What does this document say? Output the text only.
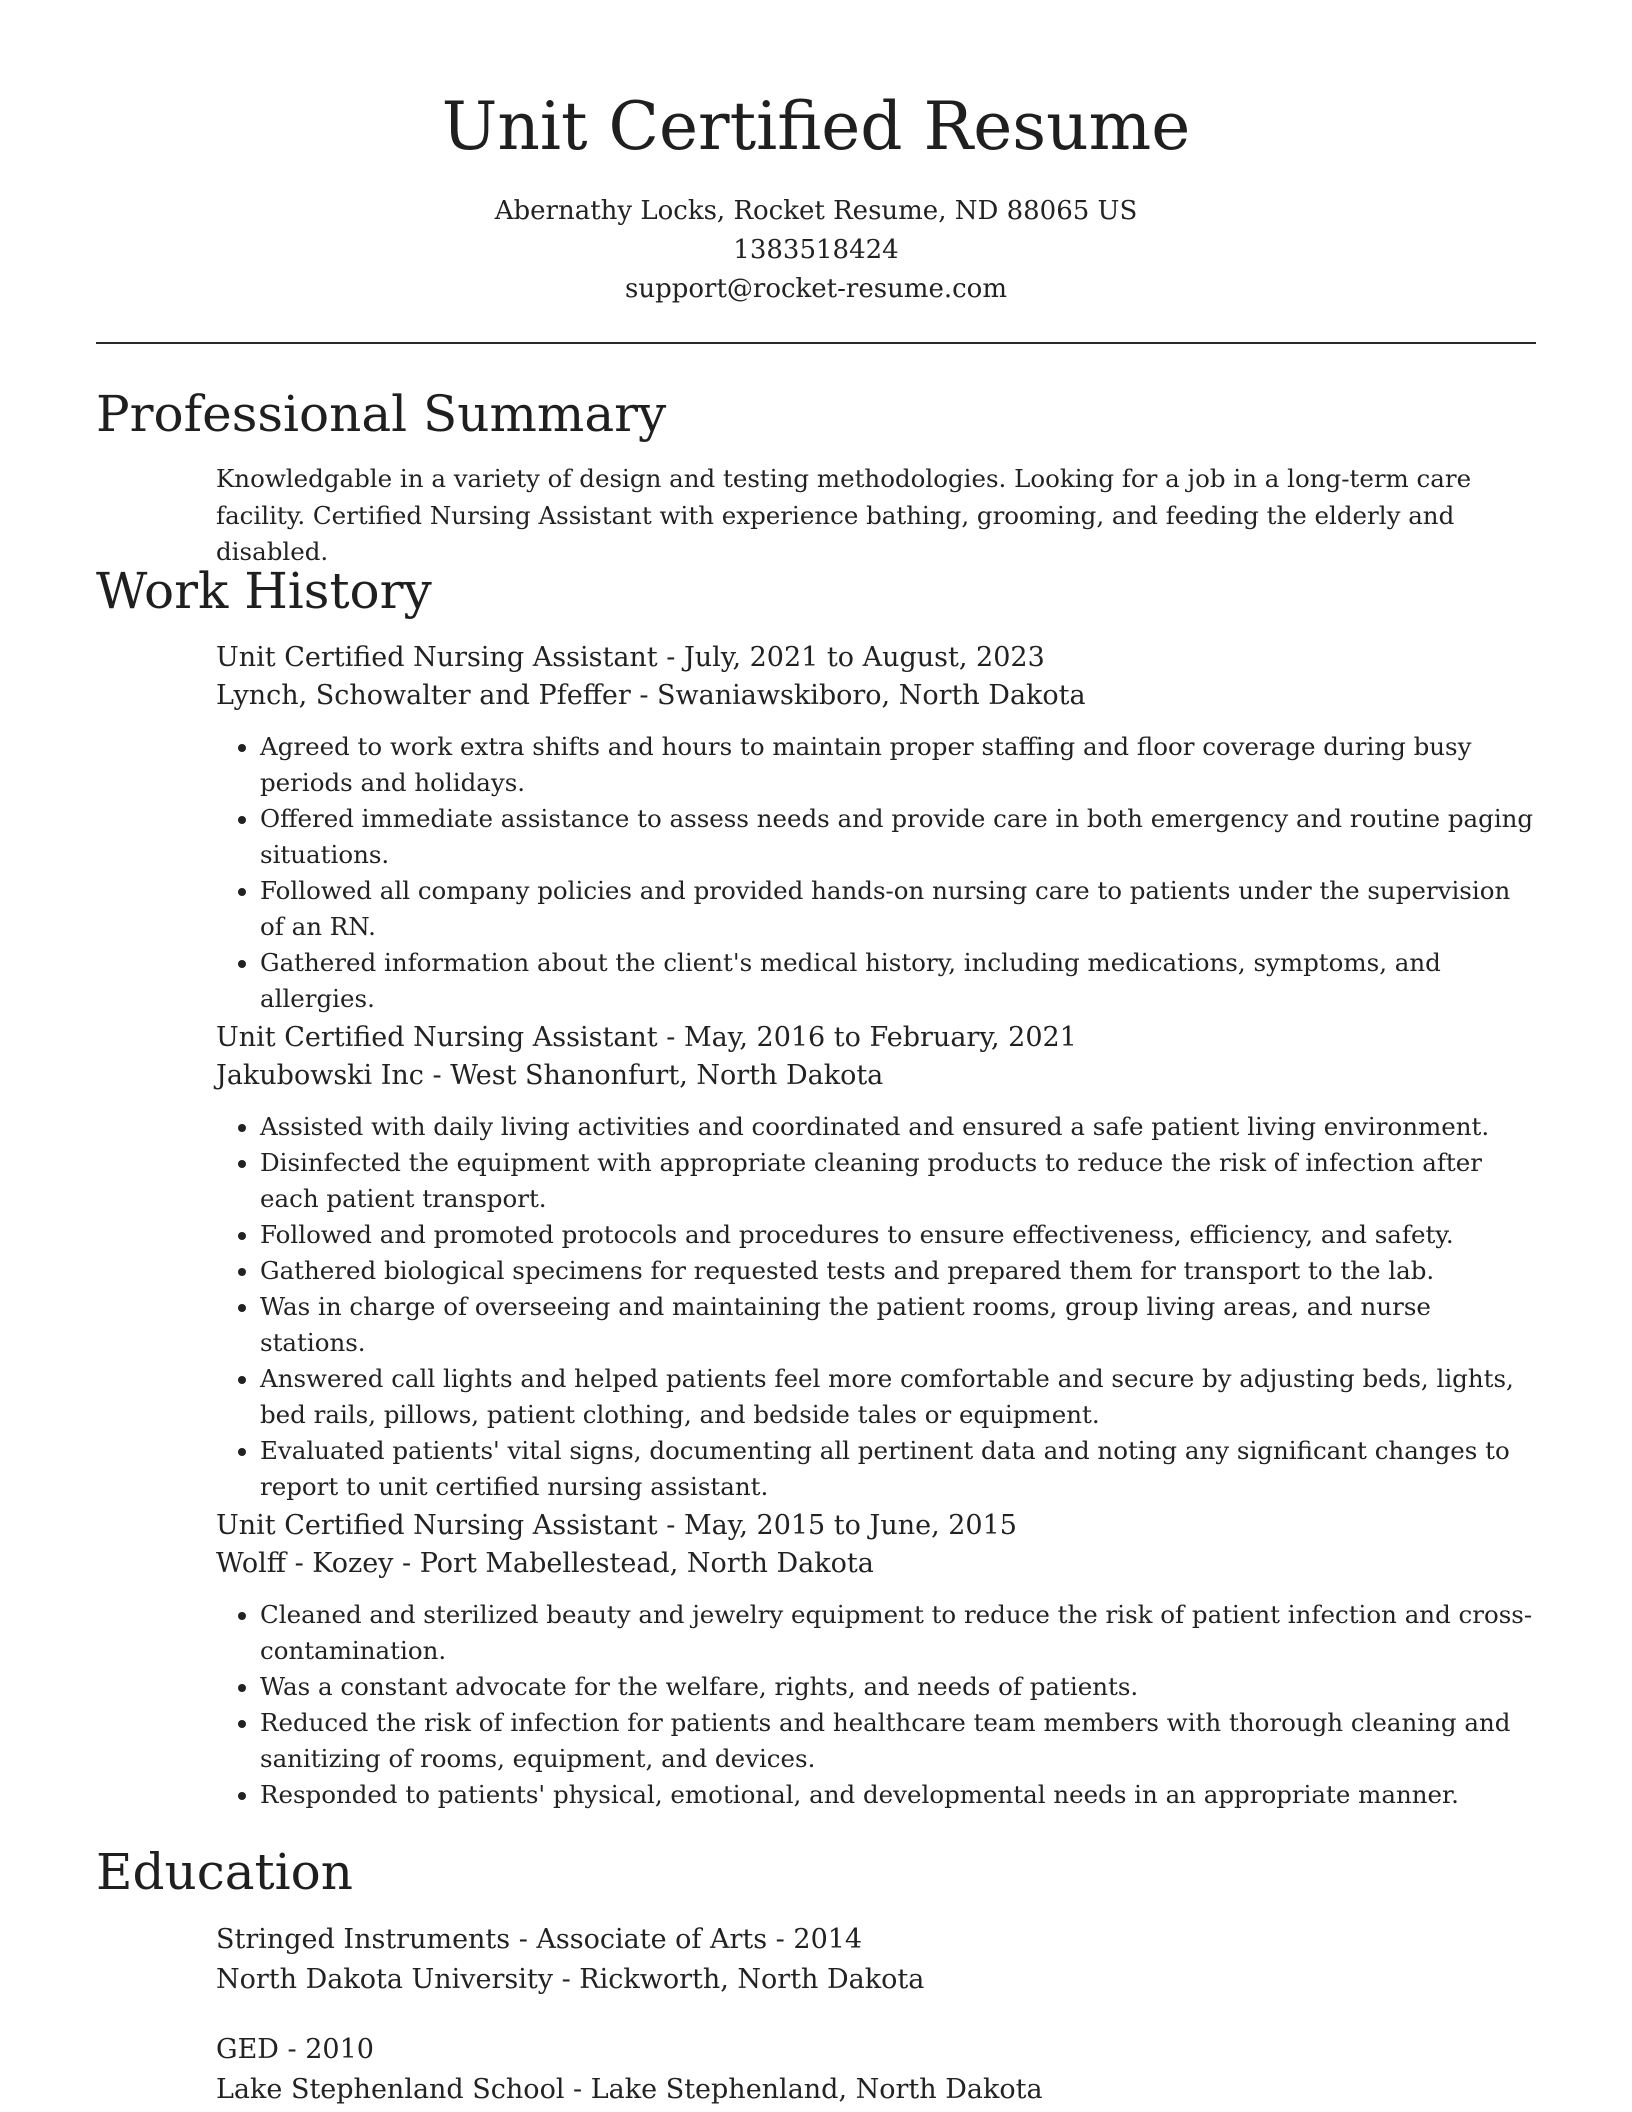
Unit Certified Resume
Abernathy Locks, Rocket Resume, ND 88065 US
1383518424
support@rocket-resume.com
Professional Summary

Knowledgable in a variety of design and testing methodologies. Looking for a job in a long-term care facility. Certified Nursing Assistant with experience bathing, grooming, and feeding the elderly and disabled.

Work History

Unit Certified Nursing Assistant - July, 2021 to August, 2023

Lynch, Schowalter and Pfeffer - Swaniawskiboro, North Dakota

• Agreed to work extra shifts and hours to maintain proper staffing and floor coverage during busy periods and holidays.
• Offered immediate assistance to assess needs and provide care in both emergency and routine paging situations.
• Followed all company policies and provided hands-on nursing care to patients under the supervision of an RN.
• Gathered information about the client's medical history, including medications, symptoms, and allergies.

Unit Certified Nursing Assistant - May, 2016 to February, 2021

Jakubowski Inc - West Shanonfurt, North Dakota

• Assisted with daily living activities and coordinated and ensured a safe patient living environment.
• Disinfected the equipment with appropriate cleaning products to reduce the risk of infection after each patient transport.
• Followed and promoted protocols and procedures to ensure effectiveness, efficiency, and safety.
• Gathered biological specimens for requested tests and prepared them for transport to the lab.
• Was in charge of overseeing and maintaining the patient rooms, group living areas, and nurse stations.
• Answered call lights and helped patients feel more comfortable and secure by adjusting beds, lights, bed rails, pillows, patient clothing, and bedside tales or equipment.
• Evaluated patients' vital signs, documenting all pertinent data and noting any significant changes to report to unit certified nursing assistant.

Unit Certified Nursing Assistant - May, 2015 to June, 2015

Wolff - Kozey - Port Mabellestead, North Dakota

• Cleaned and sterilized beauty and jewelry equipment to reduce the risk of patient infection and cross-contamination.
• Was a constant advocate for the welfare, rights, and needs of patients.
• Reduced the risk of infection for patients and healthcare team members with thorough cleaning and sanitizing of rooms, equipment, and devices.
• Responded to patients' physical, emotional, and developmental needs in an appropriate manner.
Education

Stringed Instruments - Associate of Arts - 2014

North Dakota University - Rickworth, North Dakota

GED - 2010

Lake Stephenland School - Lake Stephenland, North Dakota
